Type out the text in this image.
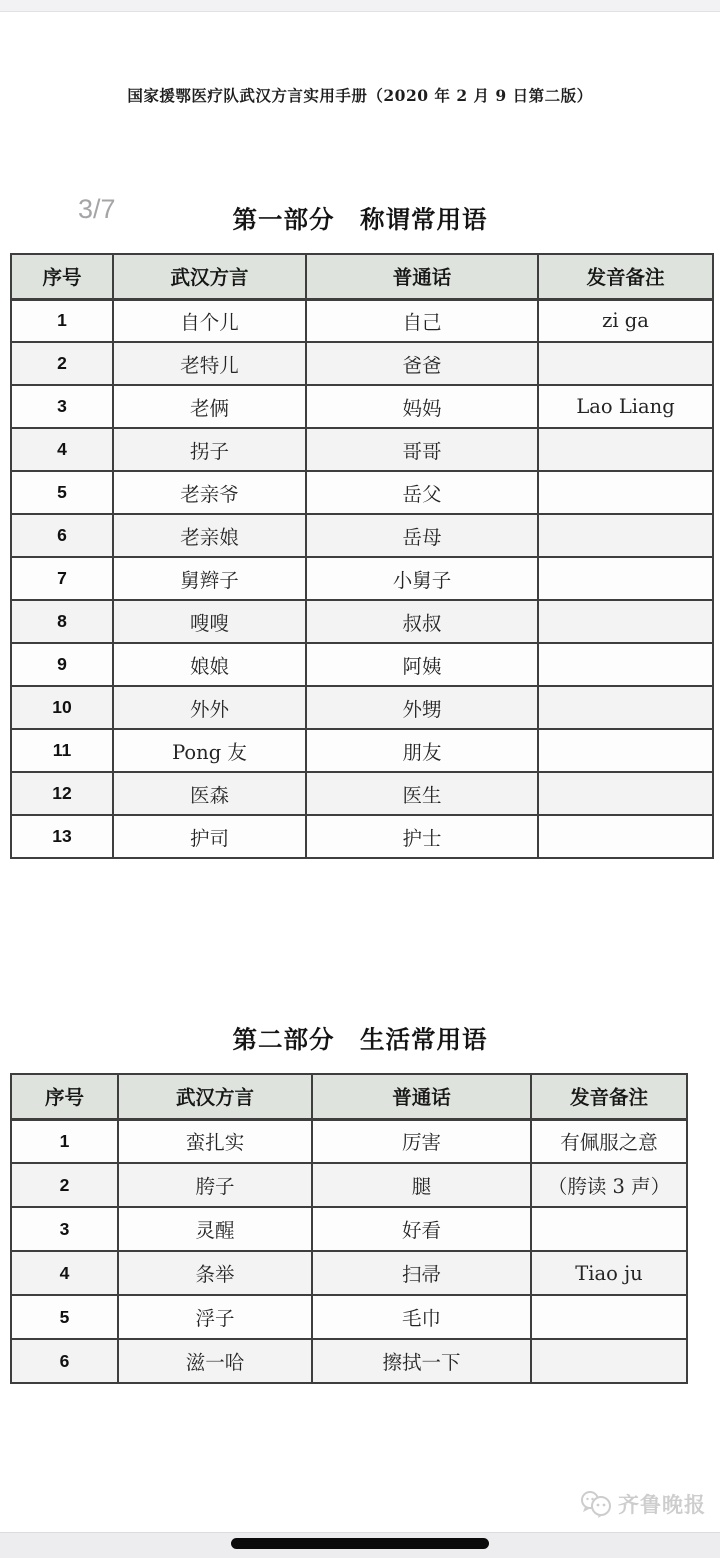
国家援鄂医疗队武汉方言实用手册（2020 年 2 月 9 日第二版）
3/7	第一部分　称谓常用语
序号	武汉方言	普通话	发音备注
1	自个儿	自己	zi ga
2	老特儿	爸爸	
3	老俩	妈妈	Lao Liang
4	拐子	哥哥	
5	老亲爷	岳父	
6	老亲娘	岳母	
7	舅辫子	小舅子	
8	嗖嗖	叔叔	
9	娘娘	阿姨	
10	外外	外甥	
11	Pong 友	朋友	
12	医森	医生	
13	护司	护士	
第二部分　生活常用语
序号	武汉方言	普通话	发音备注
1	蛮扎实	厉害	有佩服之意
2	胯子	腿	（胯读 3 声）
3	灵醒	好看	
4	条举	扫帚	Tiao ju
5	浮子	毛巾	
6	滋一哈	擦拭一下	
齐鲁晚报
